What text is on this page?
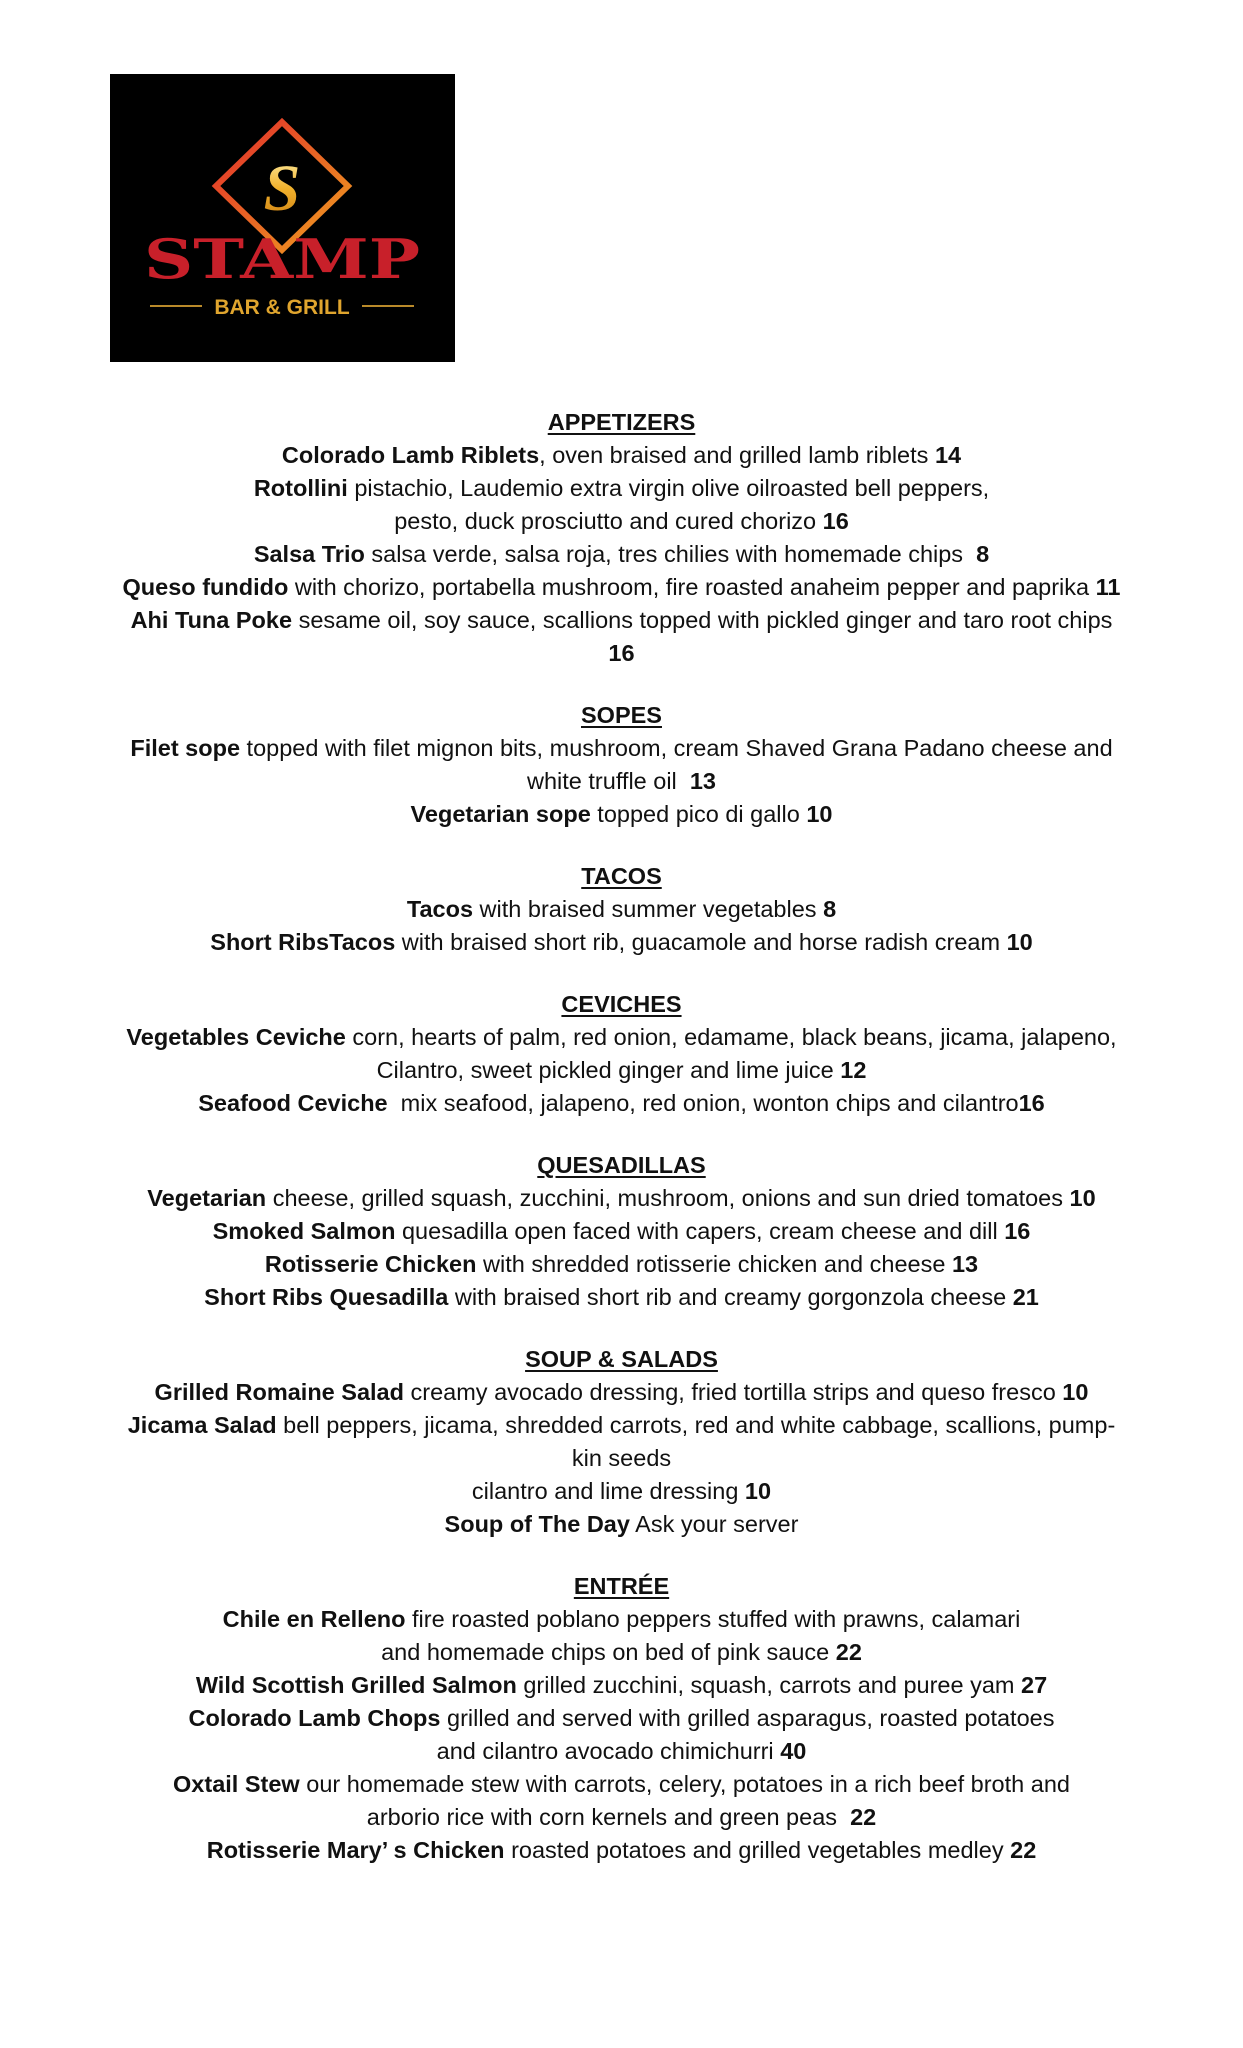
S
STAMP
BAR & GRILL
APPETIZERS
Colorado Lamb Riblets, oven braised and grilled lamb riblets 14
Rotollini pistachio, Laudemio extra virgin olive oilroasted bell peppers,
pesto, duck prosciutto and cured chorizo 16
Salsa Trio salsa verde, salsa roja, tres chilies with homemade chips  8
Queso fundido with chorizo, portabella mushroom, fire roasted anaheim pepper and paprika 11
Ahi Tuna Poke sesame oil, soy sauce, scallions topped with pickled ginger and taro root chips
16
SOPES
Filet sope topped with filet mignon bits, mushroom, cream Shaved Grana Padano cheese and
white truffle oil  13
Vegetarian sope topped pico di gallo 10
TACOS
Tacos with braised summer vegetables 8
Short RibsTacos with braised short rib, guacamole and horse radish cream 10
CEVICHES
Vegetables Ceviche corn, hearts of palm, red onion, edamame, black beans, jicama, jalapeno,
Cilantro, sweet pickled ginger and lime juice 12
Seafood Ceviche  mix seafood, jalapeno, red onion, wonton chips and cilantro16
QUESADILLAS
Vegetarian cheese, grilled squash, zucchini, mushroom, onions and sun dried tomatoes 10
Smoked Salmon quesadilla open faced with capers, cream cheese and dill 16
Rotisserie Chicken with shredded rotisserie chicken and cheese 13
Short Ribs Quesadilla with braised short rib and creamy gorgonzola cheese 21
SOUP & SALADS
Grilled Romaine Salad creamy avocado dressing, fried tortilla strips and queso fresco 10
Jicama Salad bell peppers, jicama, shredded carrots, red and white cabbage, scallions, pump-
kin seeds
cilantro and lime dressing 10
Soup of The Day Ask your server
ENTRÉE
Chile en Relleno fire roasted poblano peppers stuffed with prawns, calamari
and homemade chips on bed of pink sauce 22
Wild Scottish Grilled Salmon grilled zucchini, squash, carrots and puree yam 27
Colorado Lamb Chops grilled and served with grilled asparagus, roasted potatoes
and cilantro avocado chimichurri 40
Oxtail Stew our homemade stew with carrots, celery, potatoes in a rich beef broth and
arborio rice with corn kernels and green peas  22
Rotisserie Mary’ s Chicken roasted potatoes and grilled vegetables medley 22
